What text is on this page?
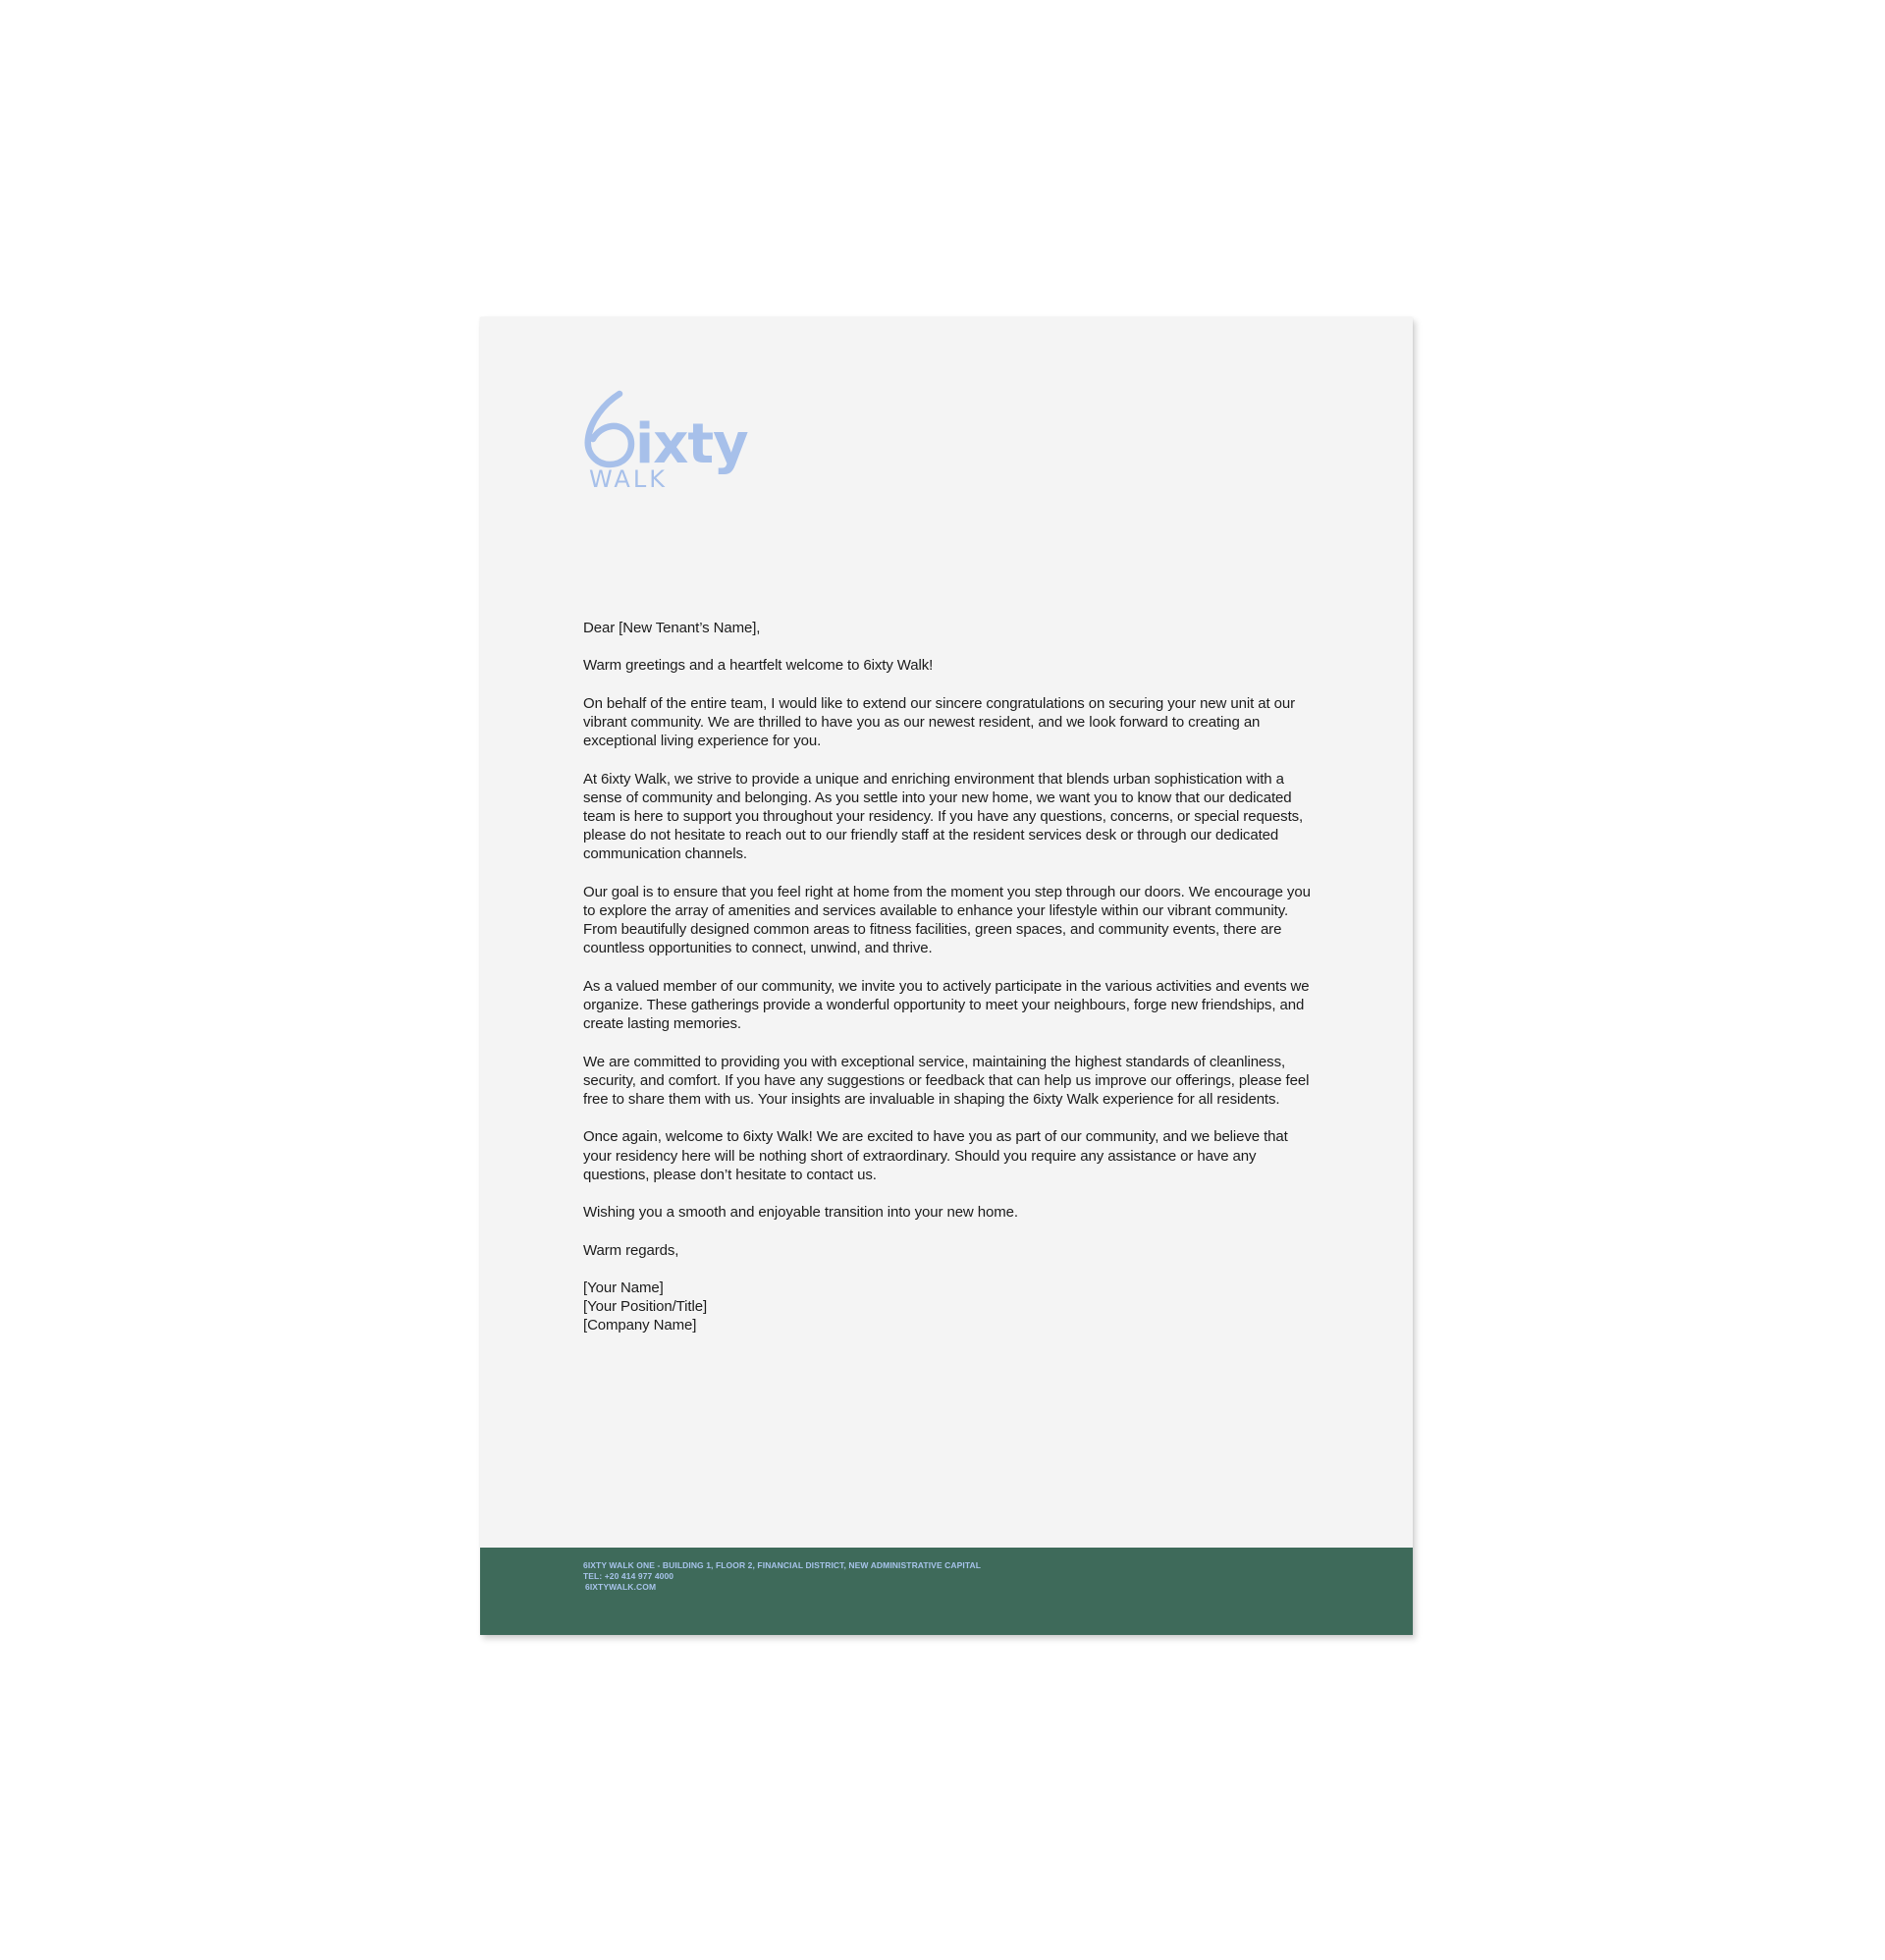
ixty
WALK

Dear [New Tenant’s Name],

Warm greetings and a heartfelt welcome to 6ixty Walk!

On behalf of the entire team, I would like to extend our sincere congratulations on securing your new unit at our vibrant community. We are thrilled to have you as our newest resident, and we look forward to creating an exceptional living experience for you.

At 6ixty Walk, we strive to provide a unique and enriching environment that blends urban sophistication with a sense of community and belonging. As you settle into your new home, we want you to know that our dedicated team is here to support you throughout your residency. If you have any questions, concerns, or special requests, please do not hesitate to reach out to our friendly staff at the resident services desk or through our dedicated communication channels.

Our goal is to ensure that you feel right at home from the moment you step through our doors. We encourage you to explore the array of amenities and services available to enhance your lifestyle within our vibrant community. From beautifully designed common areas to fitness facilities, green spaces, and community events, there are countless opportunities to connect, unwind, and thrive.

As a valued member of our community, we invite you to actively participate in the various activities and events we organize. These gatherings provide a wonderful opportunity to meet your neighbours, forge new friendships, and create lasting memories.

We are committed to providing you with exceptional service, maintaining the highest standards of cleanliness, security, and comfort. If you have any suggestions or feedback that can help us improve our offerings, please feel free to share them with us. Your insights are invaluable in shaping the 6ixty Walk experience for all residents.

Once again, welcome to 6ixty Walk! We are excited to have you as part of our community, and we believe that your residency here will be nothing short of extraordinary. Should you require any assistance or have any questions, please don’t hesitate to contact us.

Wishing you a smooth and enjoyable transition into your new home.

Warm regards,

[Your Name]
[Your Position/Title]
[Company Name]

6IXTY WALK ONE - BUILDING 1, FLOOR 2, FINANCIAL DISTRICT, NEW ADMINISTRATIVE CAPITAL
TEL: +20 414 977 4000
6IXTYWALK.COM
